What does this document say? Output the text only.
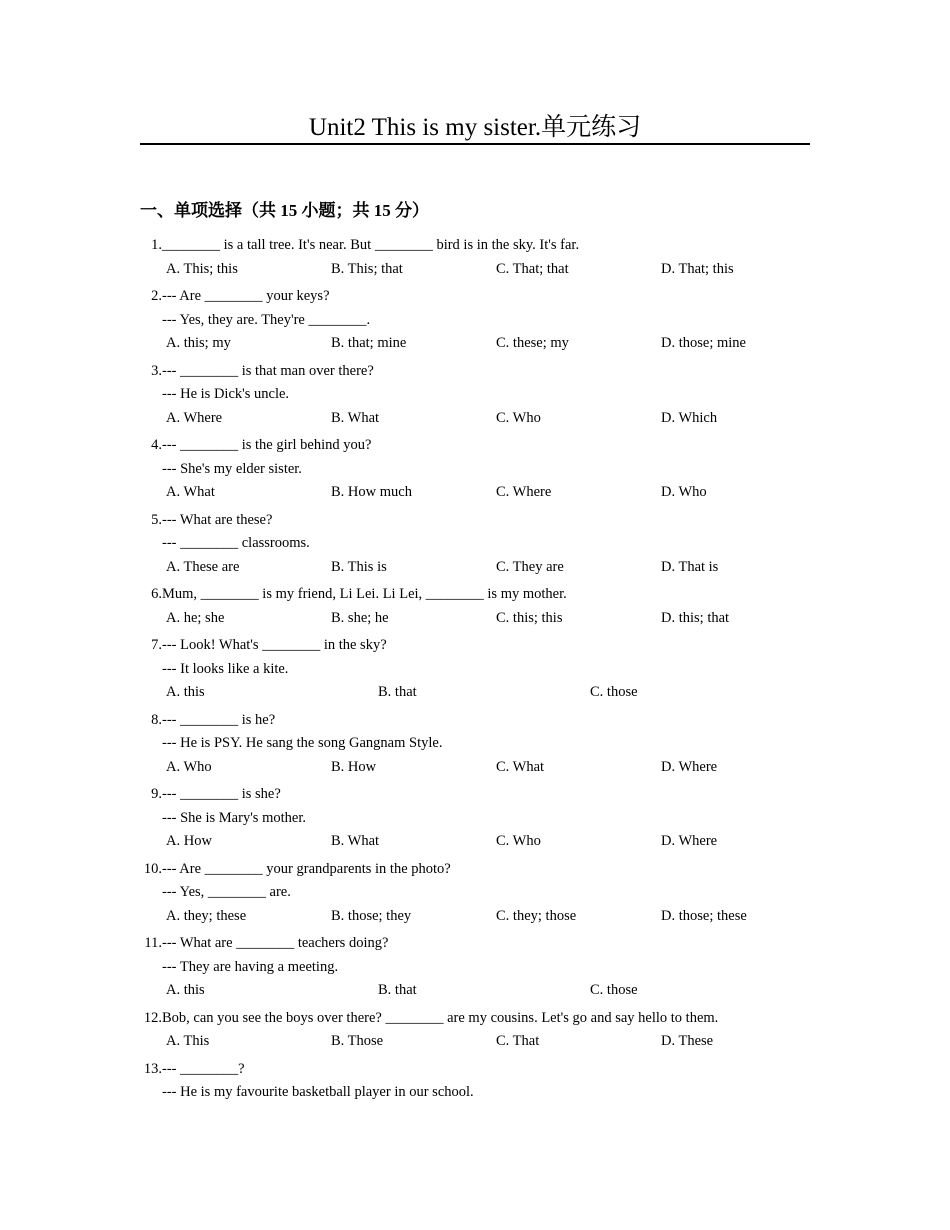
Unit2 This is my sister.单元练习
一、单项选择（共 15 小题；共 15 分）
1. ________ is a tall tree. It's near. But ________ bird is in the sky. It's far.
A. This; this	B. This; that	C. That; that	D. That; this
2. --- Are ________ your keys?
--- Yes, they are. They're ________.
A. this; my	B. that; mine	C. these; my	D. those; mine
3. --- ________ is that man over there?
--- He is Dick's uncle.
A. Where	B. What	C. Who	D. Which
4. --- ________ is the girl behind you?
--- She's my elder sister.
A. What	B. How much	C. Where	D. Who
5. --- What are these?
--- ________ classrooms.
A. These are	B. This is	C. They are	D. That is
6. Mum, ________ is my friend, Li Lei. Li Lei, ________ is my mother.
A. he; she	B. she; he	C. this; this	D. this; that
7. --- Look! What's ________ in the sky?
--- It looks like a kite.
A. this	B. that	C. those
8. --- ________ is he?
--- He is PSY. He sang the song Gangnam Style.
A. Who	B. How	C. What	D. Where
9. --- ________ is she?
--- She is Mary's mother.
A. How	B. What	C. Who	D. Where
10. --- Are ________ your grandparents in the photo?
--- Yes, ________ are.
A. they; these	B. those; they	C. they; those	D. those; these
11. --- What are ________ teachers doing?
--- They are having a meeting.
A. this	B. that	C. those
12. Bob, can you see the boys over there? ________ are my cousins. Let's go and say hello to them.
A. This	B. Those	C. That	D. These
13. --- ________?
--- He is my favourite basketball player in our school.
